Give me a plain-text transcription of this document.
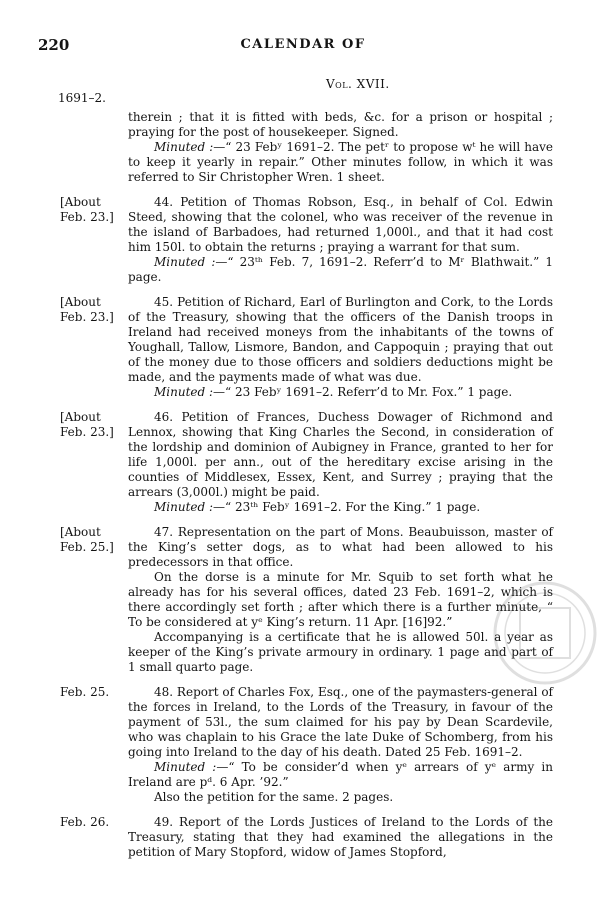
220	CALENDAR OF
Vol. XVII.
1691–2.

therein ; that it is fitted with beds, &c. for a prison or hospital ; praying for the post of housekeeper. Signed.

Minuted :—“ 23 Febʸ 1691–2. The petʳ to propose wᵗ he will have to keep it yearly in repair.” Other minutes follow, in which it was referred to Sir Christopher Wren. 1 sheet.

[About
Feb. 23.]

44. Petition of Thomas Robson, Esq., in behalf of Col. Edwin Steed, showing that the colonel, who was receiver of the revenue in the island of Barbadoes, had returned 1,000l., and that it had cost him 150l. to obtain the returns ; praying a warrant for that sum.

Minuted :—“ 23ᵗʰ Feb. 7, 1691–2. Referr’d to Mʳ Blathwait.” 1 page.

[About
Feb. 23.]

45. Petition of Richard, Earl of Burlington and Cork, to the Lords of the Treasury, showing that the officers of the Danish troops in Ireland had received moneys from the inhabitants of the towns of Youghall, Tallow, Lismore, Bandon, and Cappoquin ; praying that out of the money due to those officers and soldiers deductions might be made, and the payments made of what was due.

Minuted :—“ 23 Febʸ 1691–2. Referr’d to Mr. Fox.” 1 page.

[About
Feb. 23.]

46. Petition of Frances, Duchess Dowager of Richmond and Lennox, showing that King Charles the Second, in consideration of the lordship and dominion of Aubigney in France, granted to her for life 1,000l. per ann., out of the hereditary excise arising in the counties of Middlesex, Essex, Kent, and Surrey ; praying that the arrears (3,000l.) might be paid.

Minuted :—“ 23ᵗʰ Febʸ 1691–2. For the King.” 1 page.

[About
Feb. 25.]

47. Representation on the part of Mons. Beaubuisson, master of the King’s setter dogs, as to what had been allowed to his predecessors in that office.

On the dorse is a minute for Mr. Squib to set forth what he already has for his several offices, dated 23 Feb. 1691–2, which is there accordingly set forth ; after which there is a further minute, “ To be considered at yᵉ King’s return. 11 Apr. [16]92.”

Accompanying is a certificate that he is allowed 50l. a year as keeper of the King’s private armoury in ordinary. 1 page and part of 1 small quarto page.

Feb. 25.	48. Report of Charles Fox, Esq., one of the paymasters-general of the forces in Ireland, to the Lords of the Treasury, in favour of the payment of 53l., the sum claimed for his pay by Dean Scardevile, who was chaplain to his Grace the late Duke of Schomberg, from his going into Ireland to the day of his death. Dated 25 Feb. 1691–2.

Minuted :—“ To be consider’d when yᵉ arrears of yᵉ army in Ireland are pᵈ. 6 Apr. ’92.”

Also the petition for the same. 2 pages.

Feb. 26.	49. Report of the Lords Justices of Ireland to the Lords of the Treasury, stating that they had examined the allegations in the petition of Mary Stopford, widow of James Stopford,
